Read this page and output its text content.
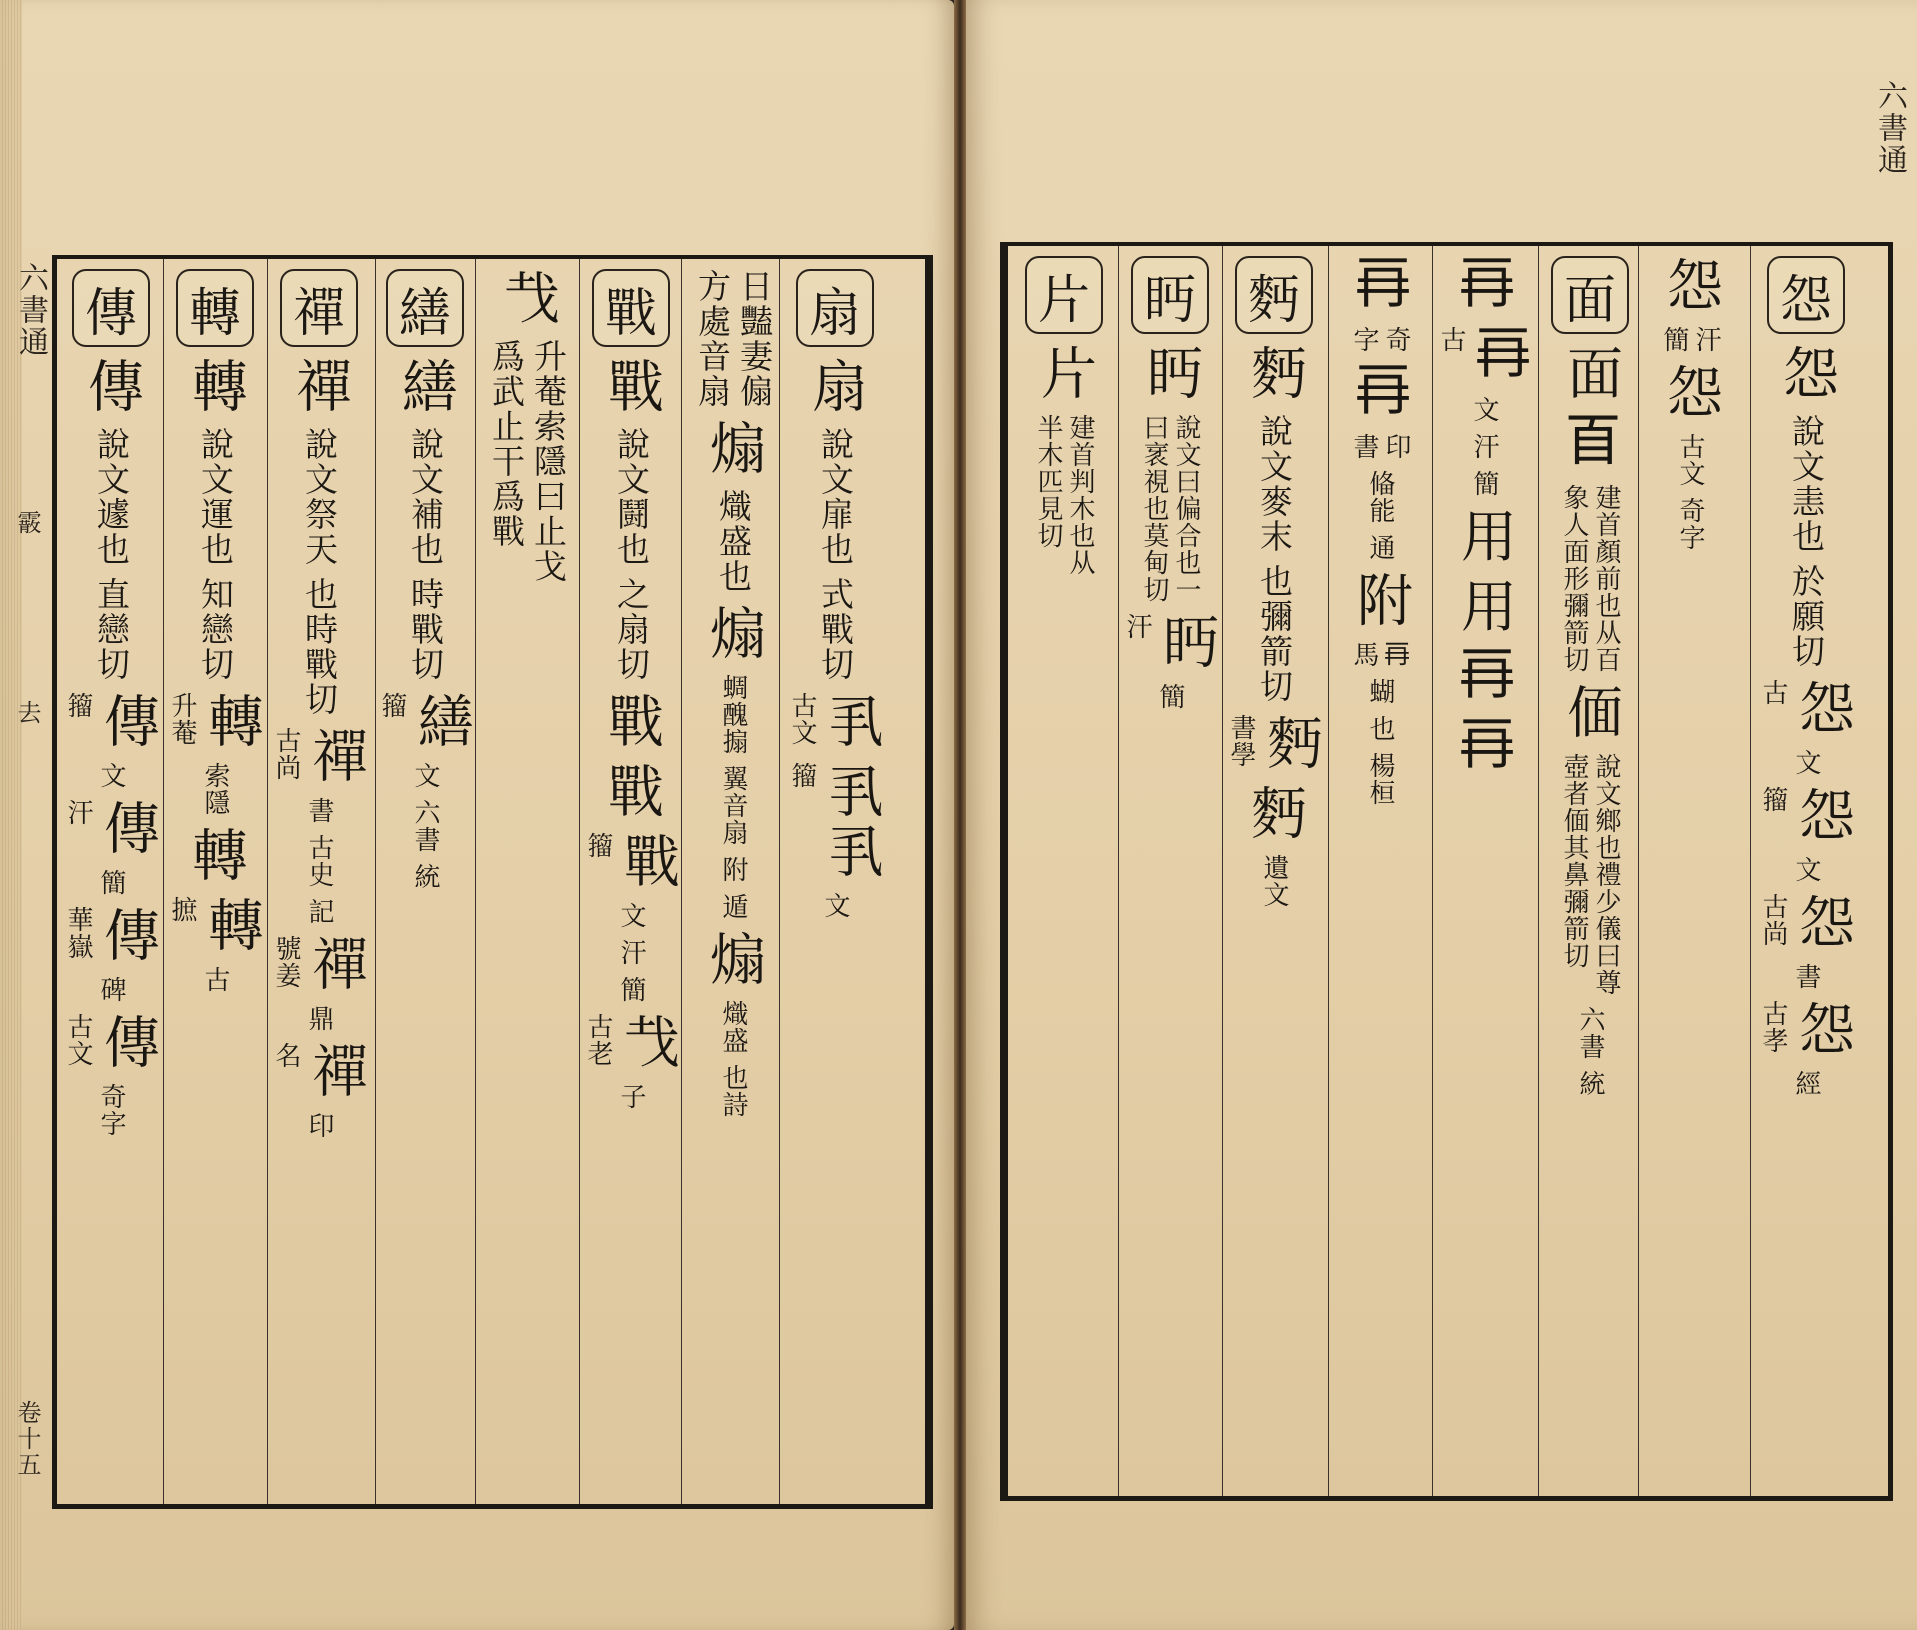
六書通
霰
去
卷十五
傳
傳
說文遽也
直戀切
傳
籀
文
傳
汗
簡
傳
華嶽
碑
傳
古文
奇字
轉
轉
說文運也
知戀切
轉
升菴
索隱
轉
轉
摭
古
禪
禪
說文祭天
也時戰切
禪
古尚
書
古史
記
禪
號姜
鼎
禪
名
印
繕
繕
說文補也
時戰切
繕
籀
文
六書
統
𢦏
升菴索隱曰止戈
爲武止干爲戰
戰
戰
說文鬪也
之扇切
戰
戰
戰
籀
文
汗
簡
𢦏
古老
子
日豔妻傓
方處音扇
煽
熾盛也
煽
蜩醜搧
翼音扇
附
遁
煽
熾盛
也詩
扇
扇
說文扉也
式戰切
𢩦
古文
𢩦𢩦
籀
文
六書通
片
片
建首判木也从
半木匹見切
眄
眄
說文曰偏合也一
曰衺視也莫甸切
眄
汗
簡
麪
麪
說文麥末
也彌箭切
麪
書學
麪
遺文
𠕅
奇
字
𠕅
印
書
偹能
通
附
𠕅
馬
蝴
也
楊桓
𠕅
𠕅
古
文
汗
簡
用
用
𠕅
𠕅
面
面
𦣻
建首顏前也从百
象人面形彌箭切
偭
說文鄉也禮少儀曰尊
壺者偭其鼻彌箭切
六書
統
怨
汗
簡
怨
古文
奇字
怨
怨
說文恚也
於願切
怨
古
文
怨
籀
文
怨
古尚
書
怨
古孝
經
